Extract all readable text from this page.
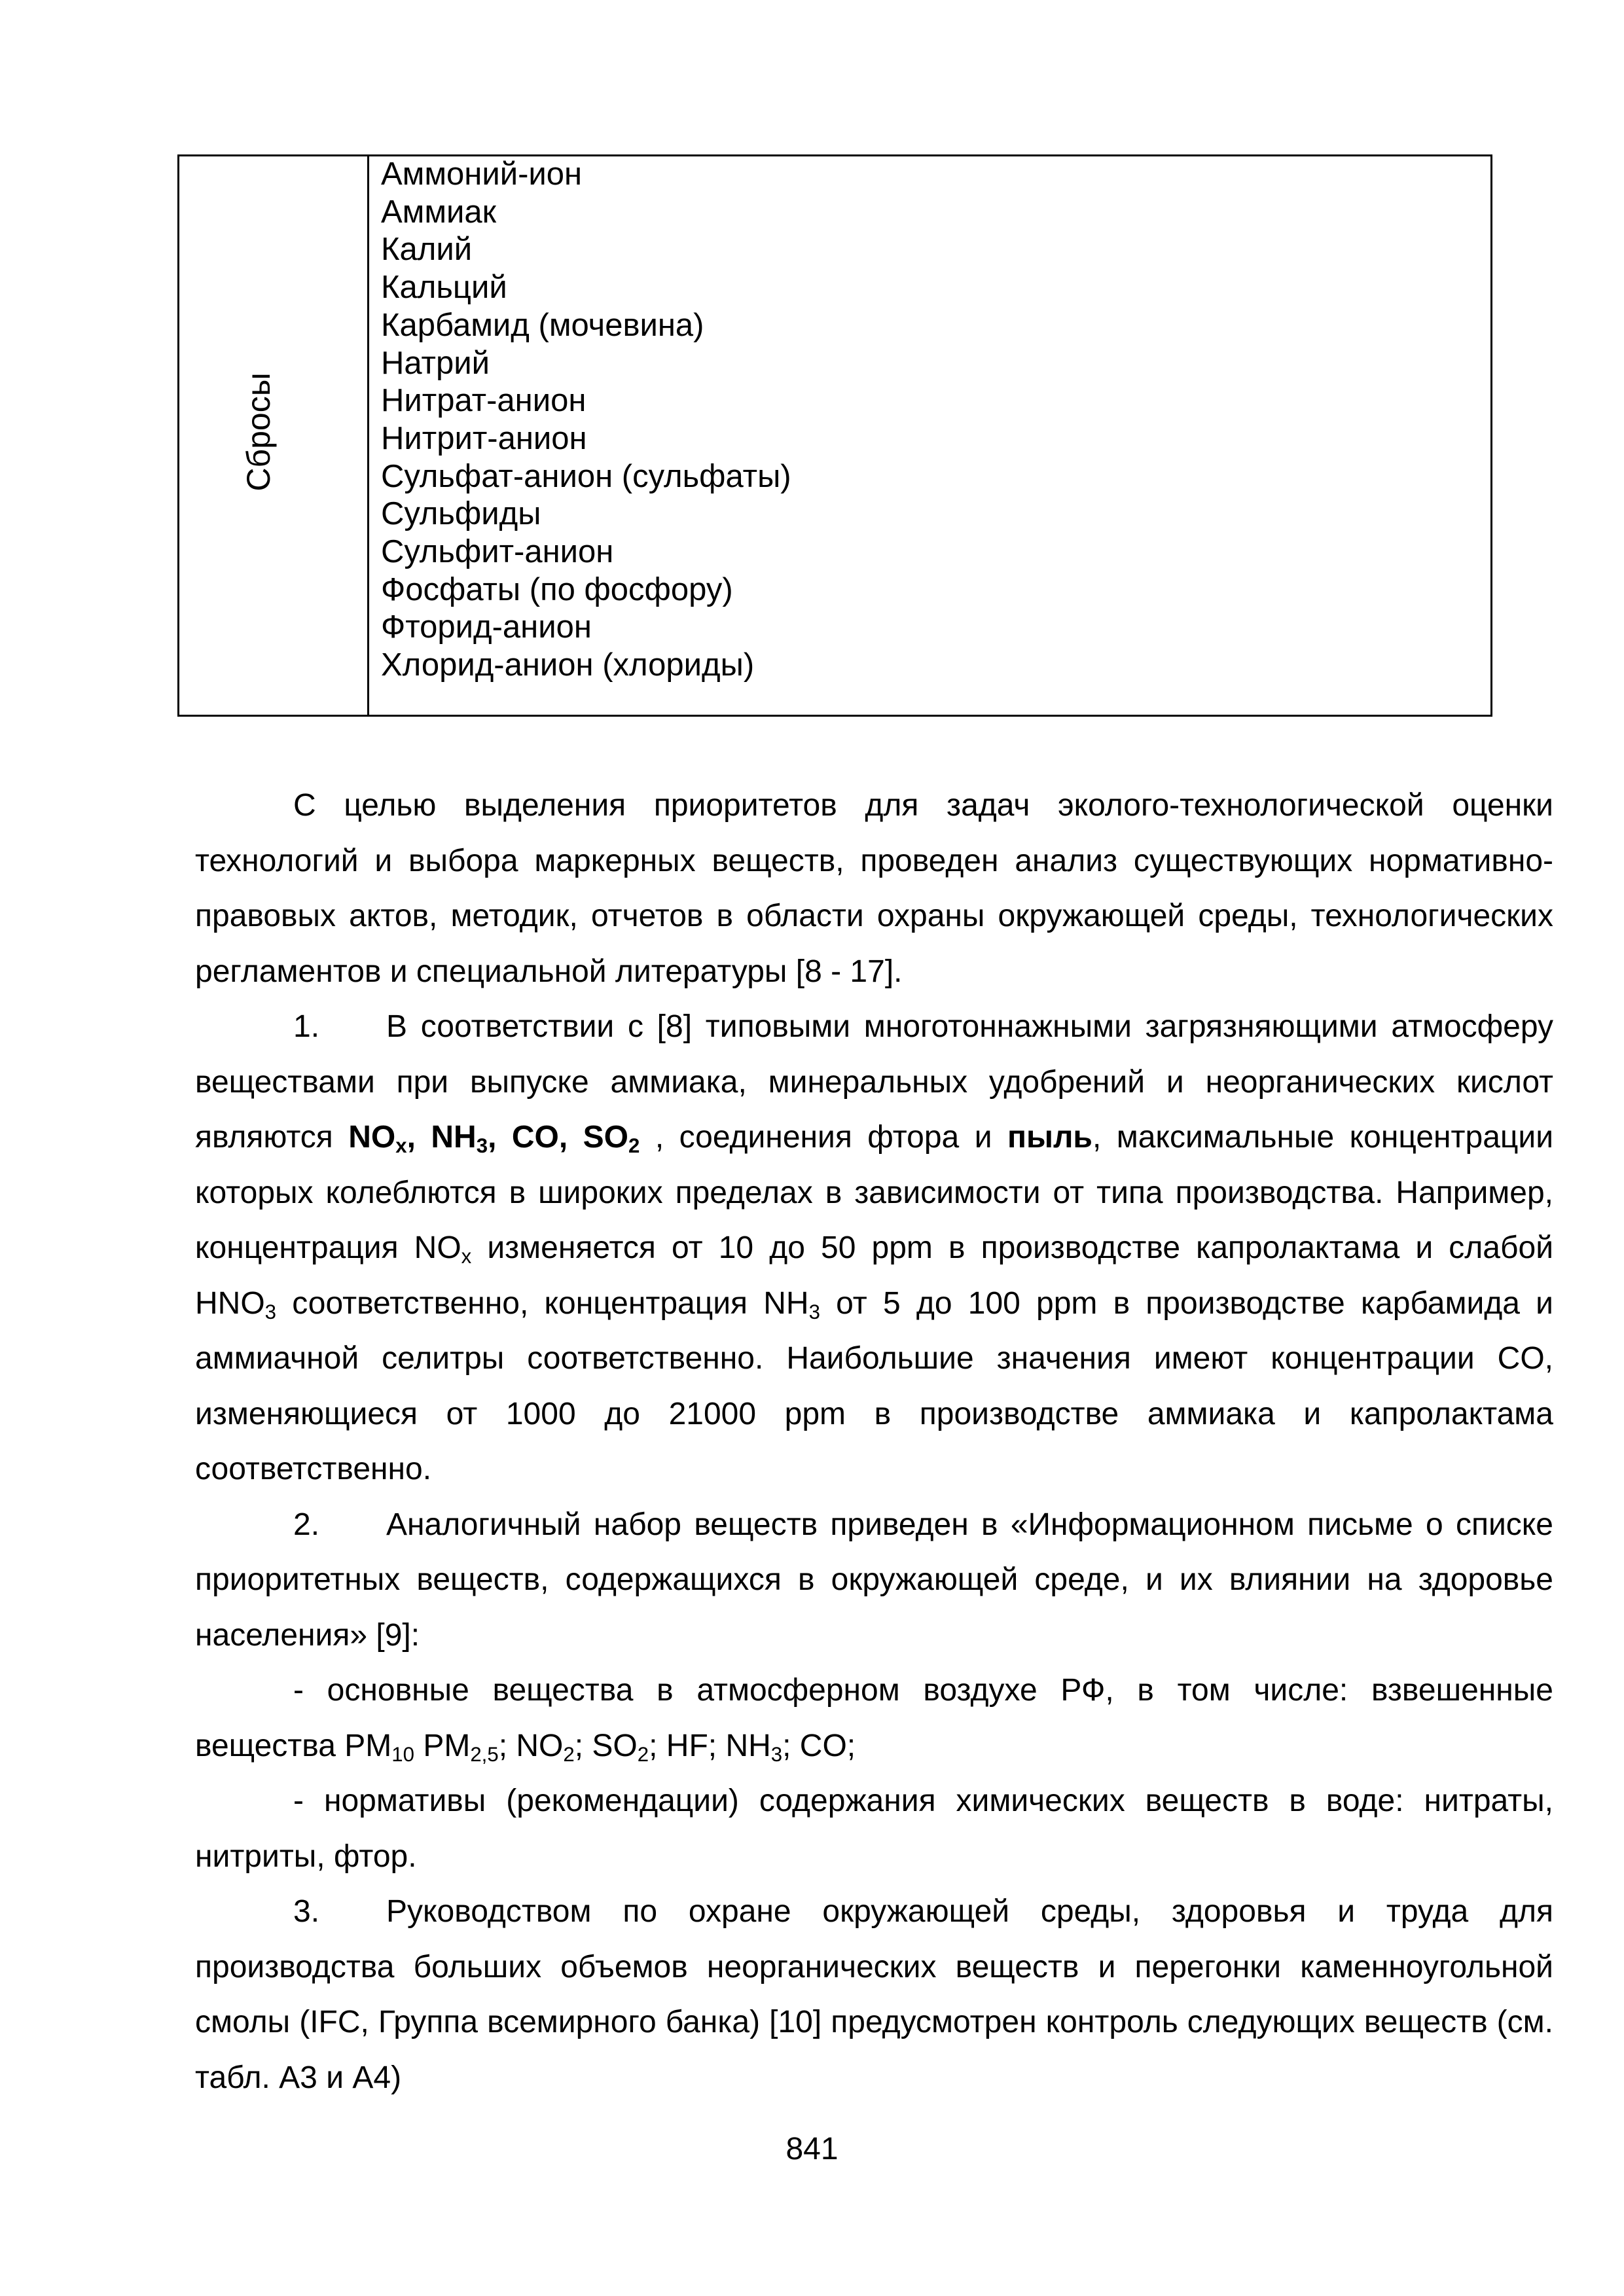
Сбросы
Аммоний-ион
Аммиак
Калий
Кальций
Карбамид (мочевина)
Натрий
Нитрат-анион
Нитрит-анион
Сульфат-анион (сульфаты)
Сульфиды
Сульфит-анион
Фосфаты (по фосфору)
Фторид-анион
Хлорид-анион (хлориды)

С целью выделения приоритетов для задач эколого-технологической оценки технологий и выбора маркерных веществ, проведен анализ существующих нормативно-правовых актов, методик, отчетов в области охраны окружающей среды, технологических регламентов и специальной литературы [8 - 17].

1. В соответствии с [8] типовыми многотоннажными загрязняющими атмосферу веществами при выпуске аммиака, минеральных удобрений и неорганических кислот являются $NO_x$, $NH_3$, CO, $SO_2$ , соединения фтора и пыль, максимальные концентрации которых колеблются в широких пределах в зависимости от типа производства. Например, концентрация $NO_x$ изменяется от 10 до 50 ppm в производстве капролактама и слабой $HNO_3$ соответственно, концентрация $NH_3$ от 5 до 100 ppm в производстве карбамида и аммиачной селитры соответственно. Наибольшие значения имеют концентрации CO, изменяющиеся от 1000 до 21000 ppm в производстве аммиака и капролактама соответственно.

2. Аналогичный набор веществ приведен в «Информационном письме о списке приоритетных веществ, содержащихся в окружающей среде, и их влиянии на здоровье населения» [9]:

- основные вещества в атмосферном воздухе РФ, в том числе: взвешенные вещества $PM_{10}$ $PM_{2,5}$; $NO_2$; $SO_2$; HF; $NH_3$; CO;

- нормативы (рекомендации) содержания химических веществ в воде: нитраты, нитриты, фтор.

3. Руководством по охране окружающей среды, здоровья и труда для производства больших объемов неорганических веществ и перегонки каменноугольной смолы (IFC, Группа всемирного банка) [10] предусмотрен контроль следующих веществ (см. табл. А3 и А4)

841
